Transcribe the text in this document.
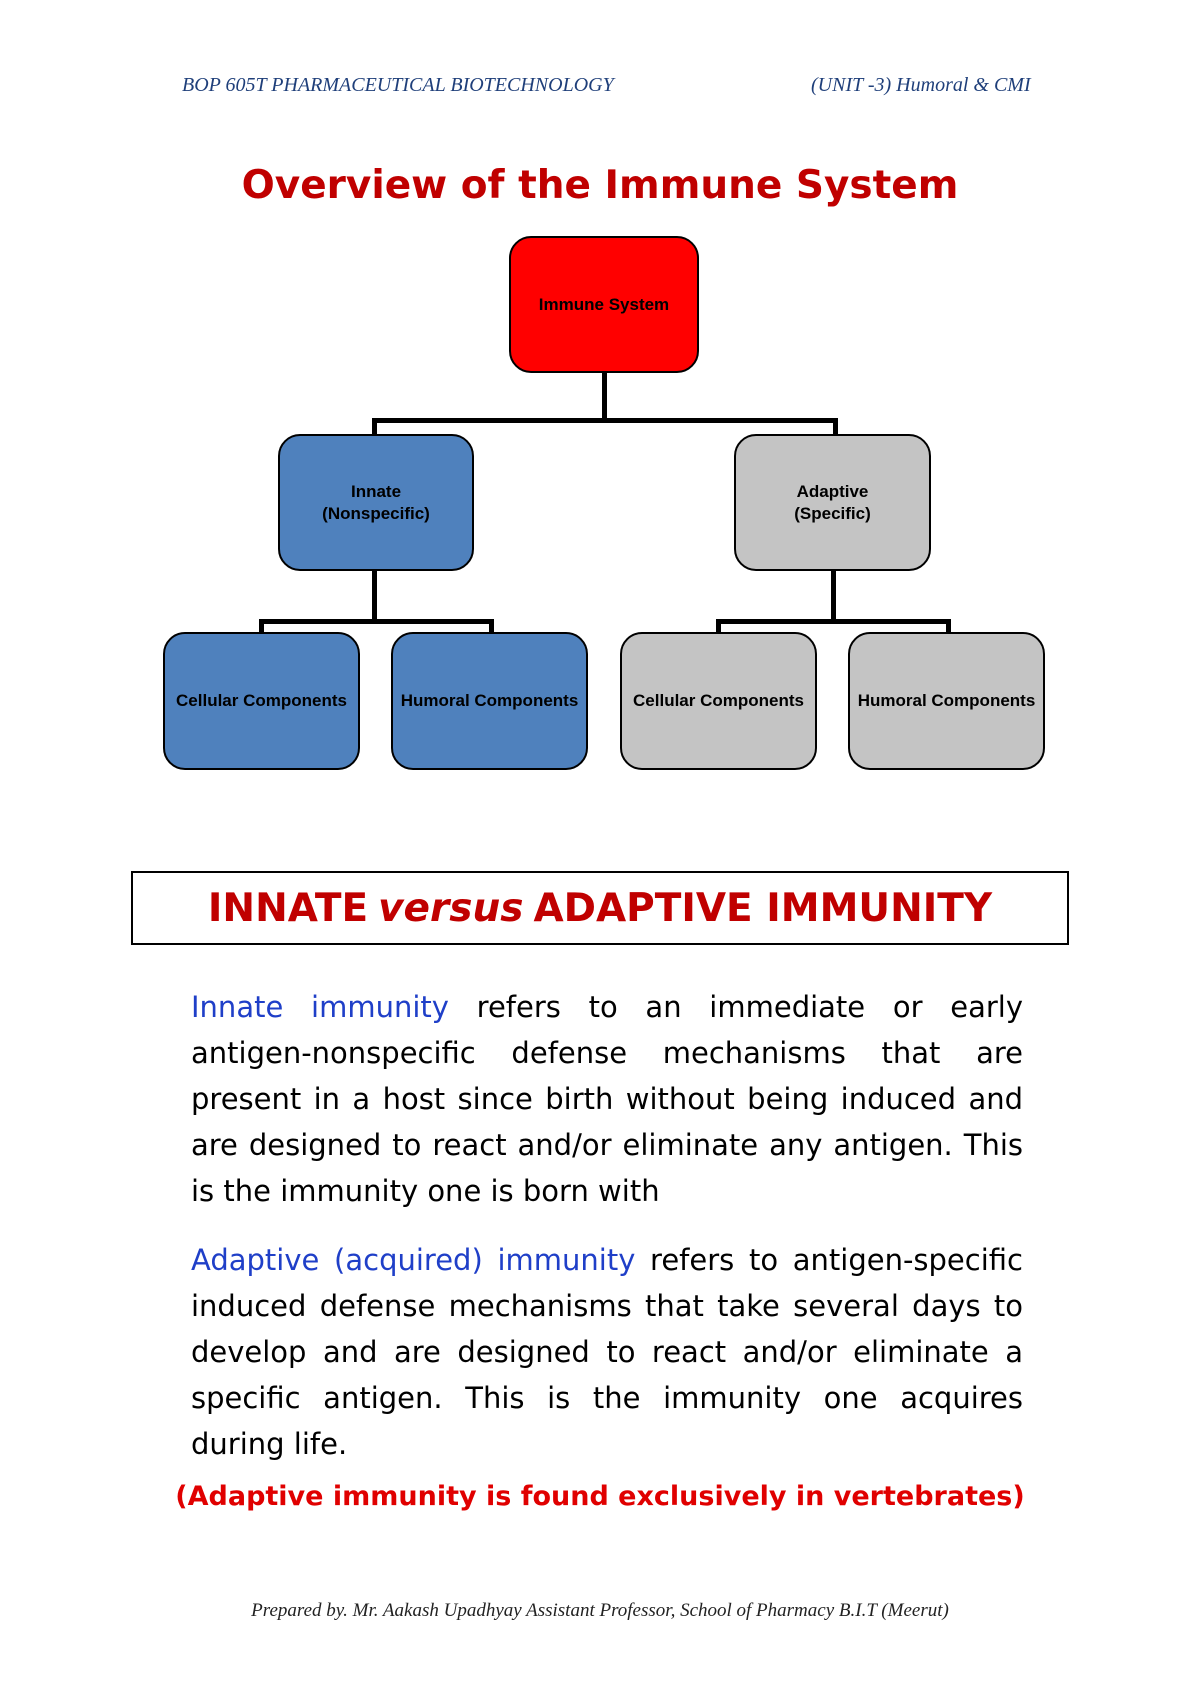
BOP 605T PHARMACEUTICAL BIOTECHNOLOGY	(UNIT -3) Humoral & CMI
Overview of the Immune System
Immune System
Innate
(Nonspecific)
Adaptive
(Specific)
Cellular Components	Humoral Components	Cellular Components	Humoral Components
INNATE versus ADAPTIVE IMMUNITY
Innate immunity refers to an immediate or early antigen-nonspecific defense mechanisms that are present in a host since birth without being induced and are designed to react and/or eliminate any antigen. This is the immunity one is born with
Adaptive (acquired) immunity refers to antigen-specific induced defense mechanisms that take several days to develop and are designed to react and/or eliminate a specific antigen. This is the immunity one acquires during life.
(Adaptive immunity is found exclusively in vertebrates)
Prepared by. Mr. Aakash Upadhyay Assistant Professor, School of Pharmacy B.I.T (Meerut)
